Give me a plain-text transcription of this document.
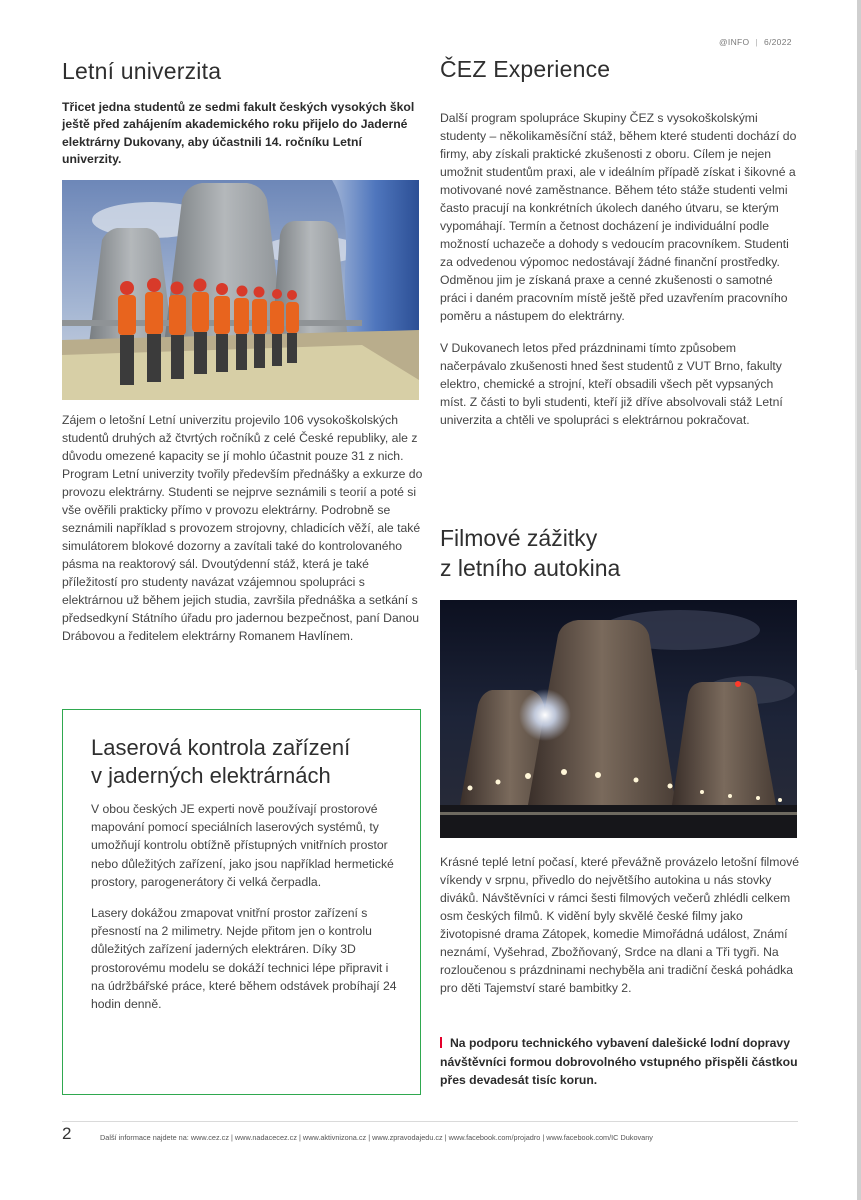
@INFO | 6/2022
Letní univerzita

Třicet jedna studentů ze sedmi fakult českých vysokých škol ještě před zahájením akademického roku přijelo do Jaderné elektrárny Dukovany, aby účastnili 14. ročníku Letní univerzity.

Zájem o letošní Letní univerzitu projevilo 106 vysokoškolských studentů druhých až čtvrtých ročníků z celé České republiky, ale z důvodu omezené kapacity se jí mohlo účastnit pouze 31 z nich. Program Letní univerzity tvořily především přednášky a exkurze do provozu elektrárny. Studenti se nejprve seznámili s teorií a poté si vše ověřili prakticky přímo v provozu elektrárny. Podrobně se seznámili například s provozem strojovny, chladicích věží, ale také simulátorem blokové dozorny a zavítali také do kontrolovaného pásma na reaktorový sál. Dvoutýdenní stáž, která je také příležitostí pro studenty navázat vzájemnou spolupráci s elektrárnou už během jejich studia, završila přednáška a setkání s předsedkyní Státního úřadu pro jadernou bezpečnost, paní Danou Drábovou a ředitelem elektrárny Romanem Havlínem.
Laserová kontrola zařízení
v jaderných elektrárnách

V obou českých JE experti nově používají prostorové mapování pomocí speciálních laserových systémů, ty umožňují kontrolu obtížně přístupných vnitřních prostor nebo důležitých zařízení, jako jsou například hermetické prostory, parogenerátory či velká čerpadla.

Lasery dokážou zmapovat vnitřní prostor zařízení s přesností na 2 milimetry. Nejde přitom jen o kontrolu důležitých zařízení jaderných elektráren. Díky 3D prostorovému modelu se dokáží technici lépe připravit i na údržbářské práce, které během odstávek probíhají 24 hodin denně.

ČEZ Experience

Další program spolupráce Skupiny ČEZ s vysokoškolskými studenty – několikaměsíční stáž, během které studenti dochází do firmy, aby získali praktické zkušenosti z oboru. Cílem je nejen umožnit studentům praxi, ale v ideálním případě získat i šikovné a motivované nové zaměstnance. Během této stáže studenti velmi často pracují na konkrétních úkolech daného útvaru, se kterým vypomáhají. Termín a četnost docházení je individuální podle možností uchazeče a dohody s vedoucím pracovníkem. Studenti za odvedenou výpomoc nedostávají žádné finanční prostředky. Odměnou jim je získaná praxe a cenné zkušenosti o samotné práci i daném pracovním místě ještě před uzavřením pracovního poměru a nástupem do elektrárny.

V Dukovanech letos před prázdninami tímto způsobem načerpávalo zkušenosti hned šest studentů z VUT Brno, fakulty elektro, chemické a strojní, kteří obsadili všech pět vypsaných míst. Z části to byli studenti, kteří již dříve absolvovali stáž Letní univerzita a chtěli ve spolupráci s elektrárnou pokračovat.

Filmové zážitky
z letního autokina

Krásné teplé letní počasí, které převážně provázelo letošní filmové víkendy v srpnu, přivedlo do největšího autokina u nás stovky diváků. Návštěvníci v rámci šesti filmových večerů zhlédli celkem osm českých filmů. K vidění byly skvělé české filmy jako životopisné drama Zátopek, komedie Mimořádná událost, Známí neznámí, Vyšehrad, Zbožňovaný, Srdce na dlani a Tři tygři. Na rozloučenou s prázdninami nechyběla ani tradiční česká pohádka pro děti Tajemství staré bambitky 2.

Na podporu technického vybavení dalešické lodní dopravy návštěvníci formou dobrovolného vstupného přispěli částkou přes devadesát tisíc korun.

2	Další informace najdete na: www.cez.cz | www.nadacecez.cz | www.aktivnizona.cz | www.zpravodajedu.cz | www.facebook.com/projadro | www.facebook.com/IC Dukovany
